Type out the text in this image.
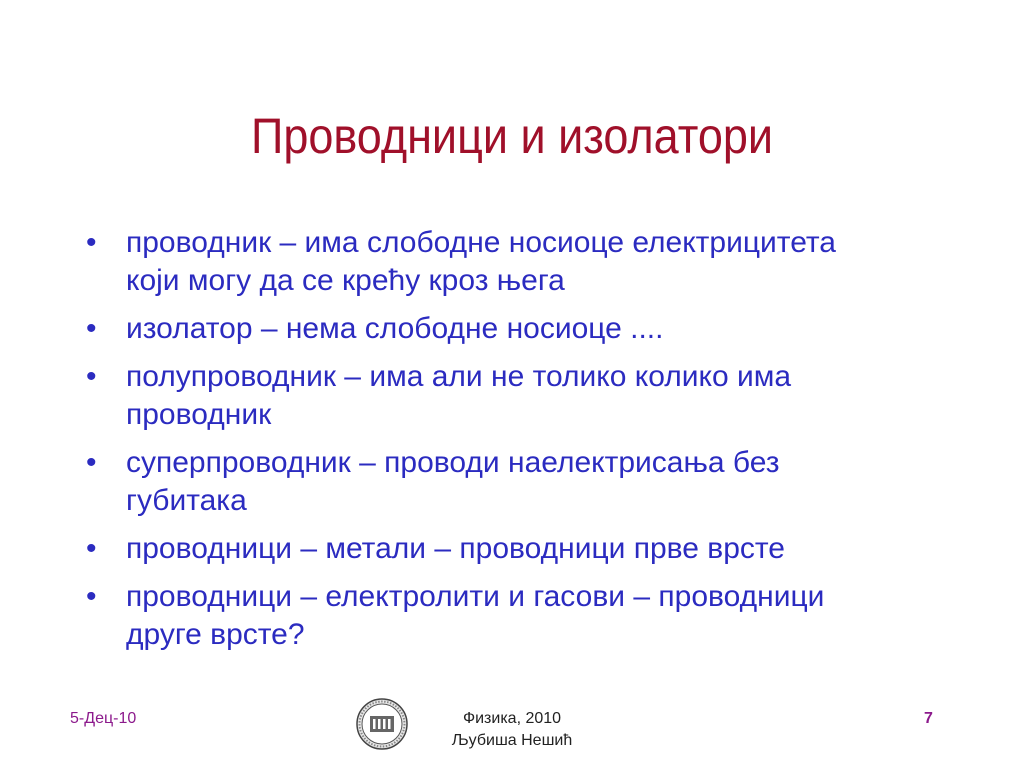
Проводници и изолатори
• проводник – има слободне носиоце електрицитета
који могу да се крећу кроз њега
• изолатор – нема слободне носиоце ....
• полупроводник – има али не толико колико има
проводник
• суперпроводник – проводи наелектрисања без
губитака
• проводници – метали – проводници прве врсте
• проводници – електролити и гасови – проводници
друге врсте?
5-Дец-10	Физика, 2010
Љубиша Нешић
7
